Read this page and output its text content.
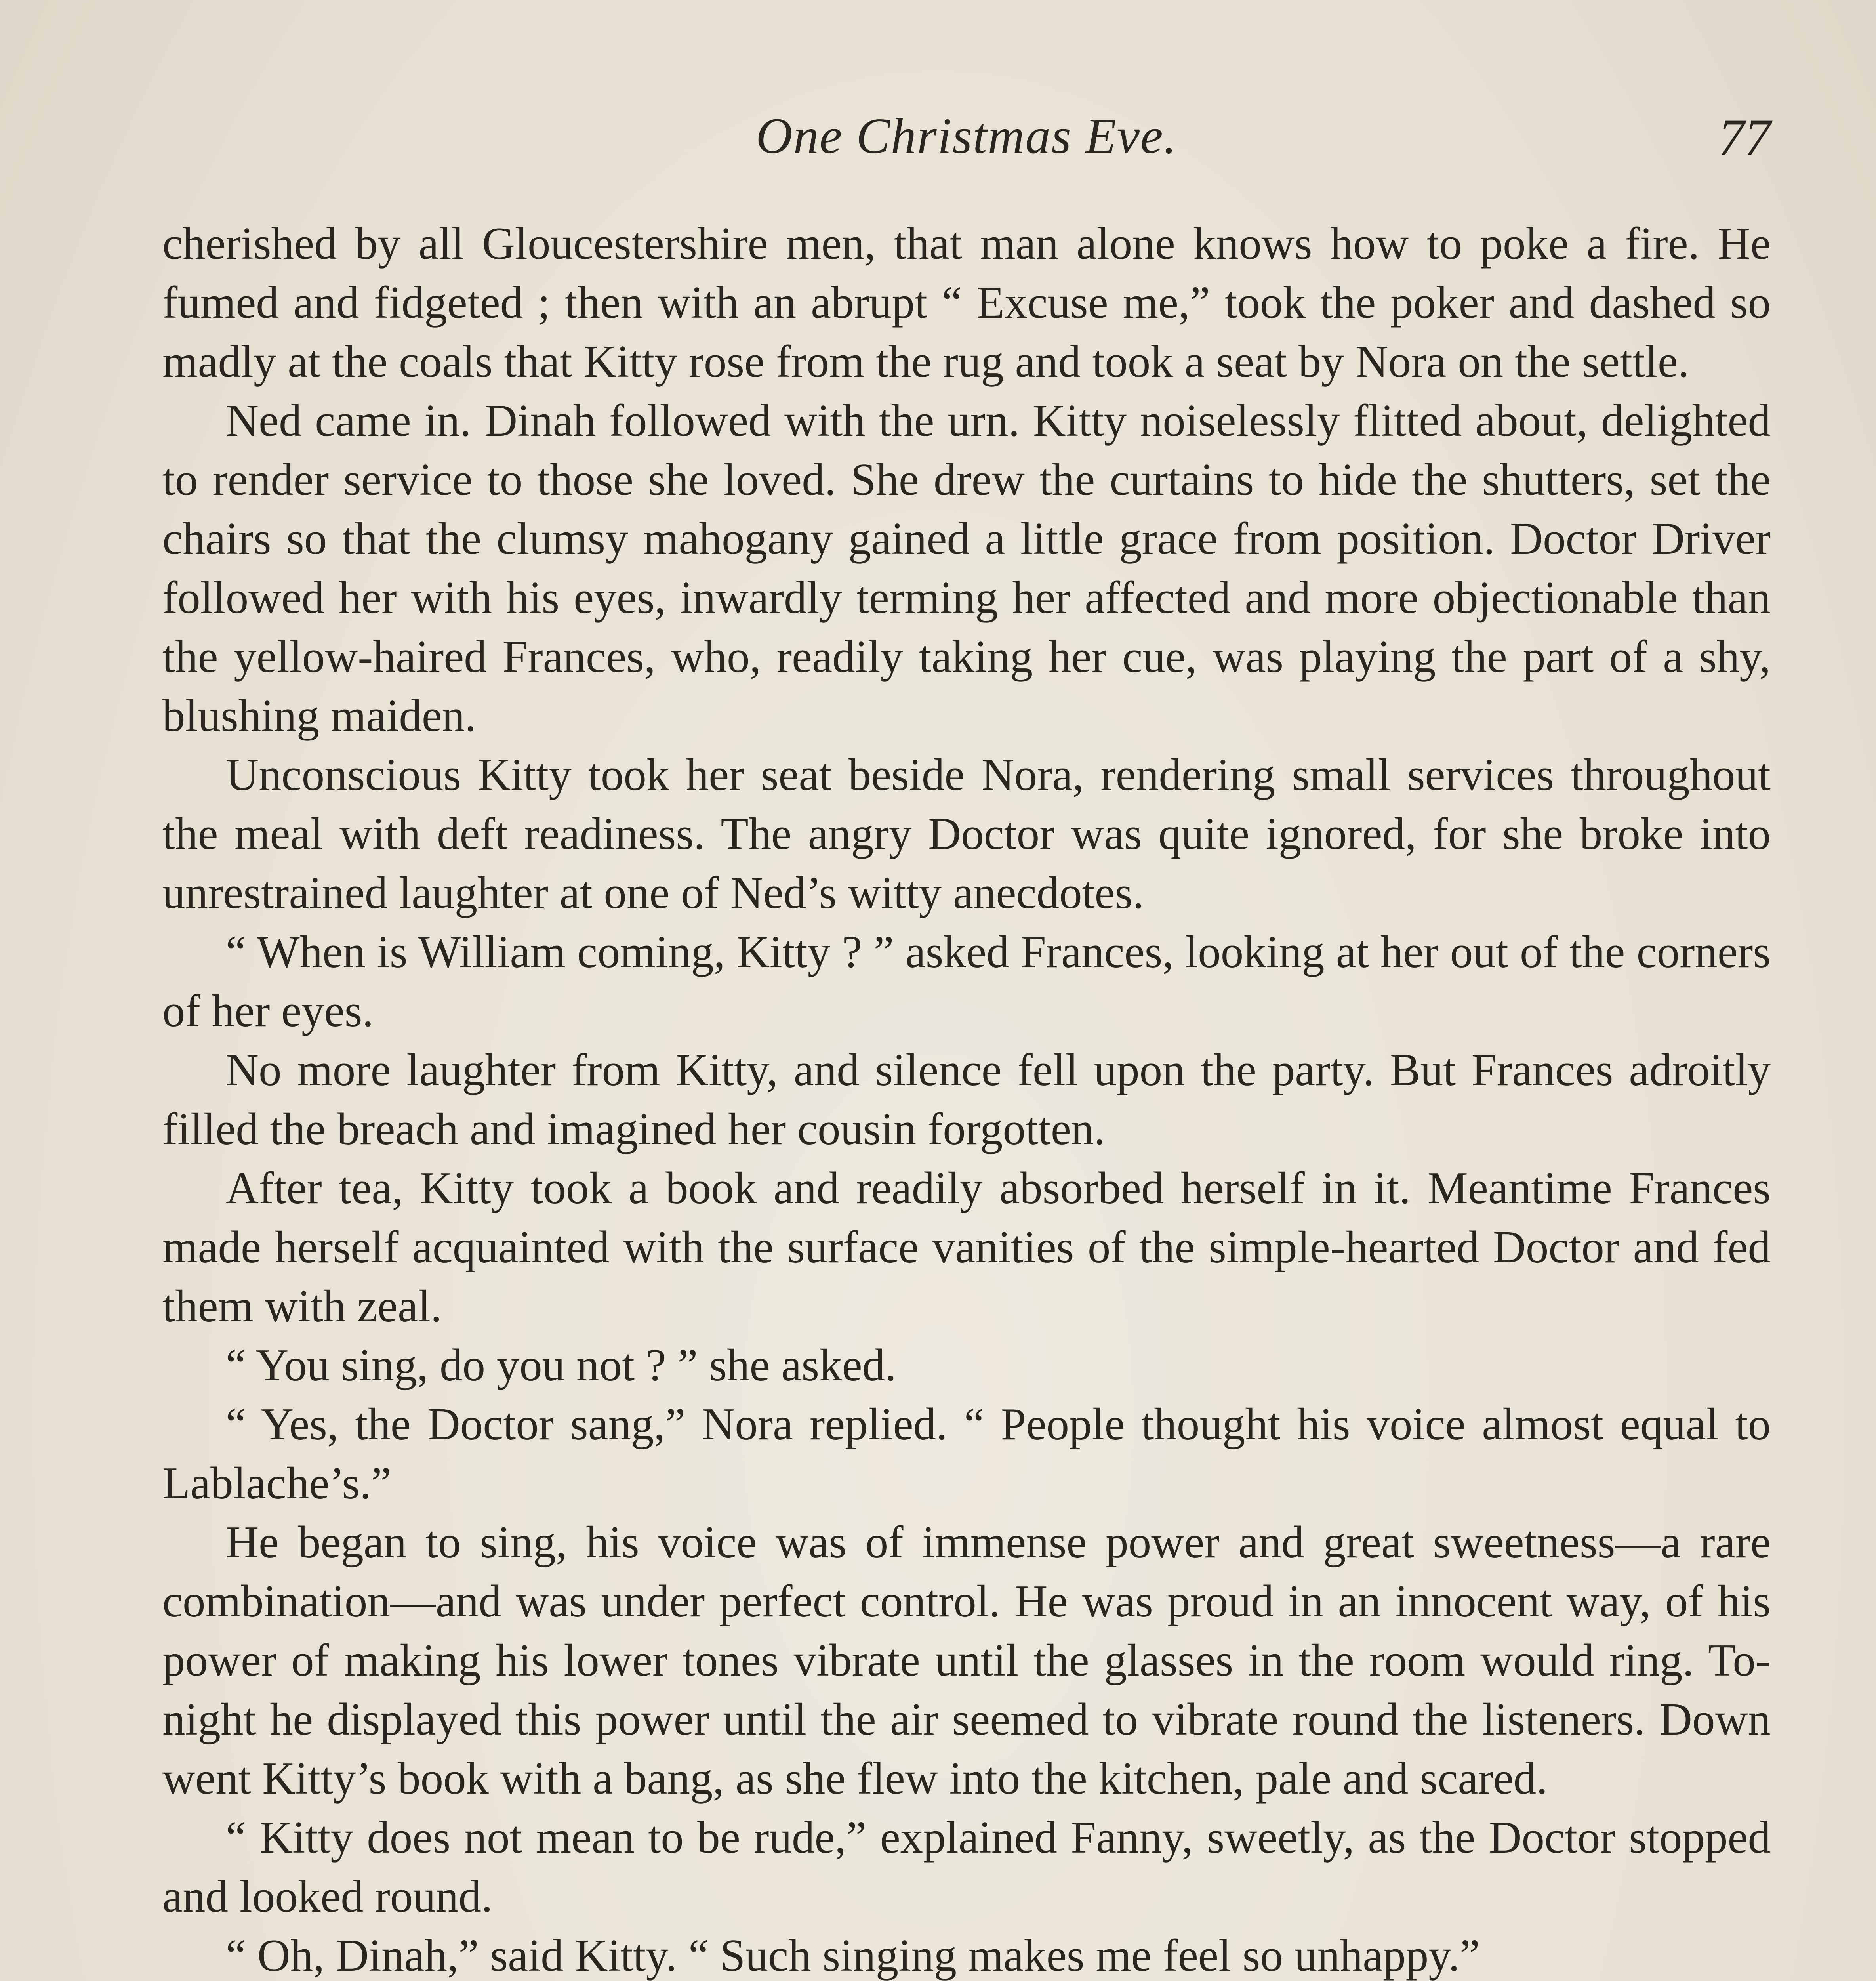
One Christmas Eve.	77

cherished by all Gloucestershire men, that man alone knows how to poke a fire. He fumed and fidgeted ; then with an abrupt “ Excuse me,” took the poker and dashed so madly at the coals that Kitty rose from the rug and took a seat by Nora on the settle.

Ned came in. Dinah followed with the urn. Kitty noiselessly flitted about, delighted to render service to those she loved. She drew the curtains to hide the shutters, set the chairs so that the clumsy mahogany gained a little grace from position. Doctor Driver followed her with his eyes, inwardly terming her affected and more objectionable than the yellow-haired Frances, who, readily taking her cue, was playing the part of a shy, blushing maiden.

Unconscious Kitty took her seat beside Nora, rendering small services throughout the meal with deft readiness. The angry Doctor was quite ignored, for she broke into unrestrained laughter at one of Ned’s witty anecdotes.

“ When is William coming, Kitty ? ” asked Frances, looking at her out of the corners of her eyes.

No more laughter from Kitty, and silence fell upon the party. But Frances adroitly filled the breach and imagined her cousin forgotten.

After tea, Kitty took a book and readily absorbed herself in it. Meantime Frances made herself acquainted with the surface vanities of the simple-hearted Doctor and fed them with zeal.

“ You sing, do you not ? ” she asked.

“ Yes, the Doctor sang,” Nora replied. “ People thought his voice almost equal to Lablache’s.”

He began to sing, his voice was of immense power and great sweetness—a rare combination—and was under perfect control. He was proud in an innocent way, of his power of making his lower tones vibrate until the glasses in the room would ring. To-night he displayed this power until the air seemed to vibrate round the listeners. Down went Kitty’s book with a bang, as she flew into the kitchen, pale and scared.

“ Kitty does not mean to be rude,” explained Fanny, sweetly, as the Doctor stopped and looked round.

“ Oh, Dinah,” said Kitty. “ Such singing makes me feel so unhappy.”
